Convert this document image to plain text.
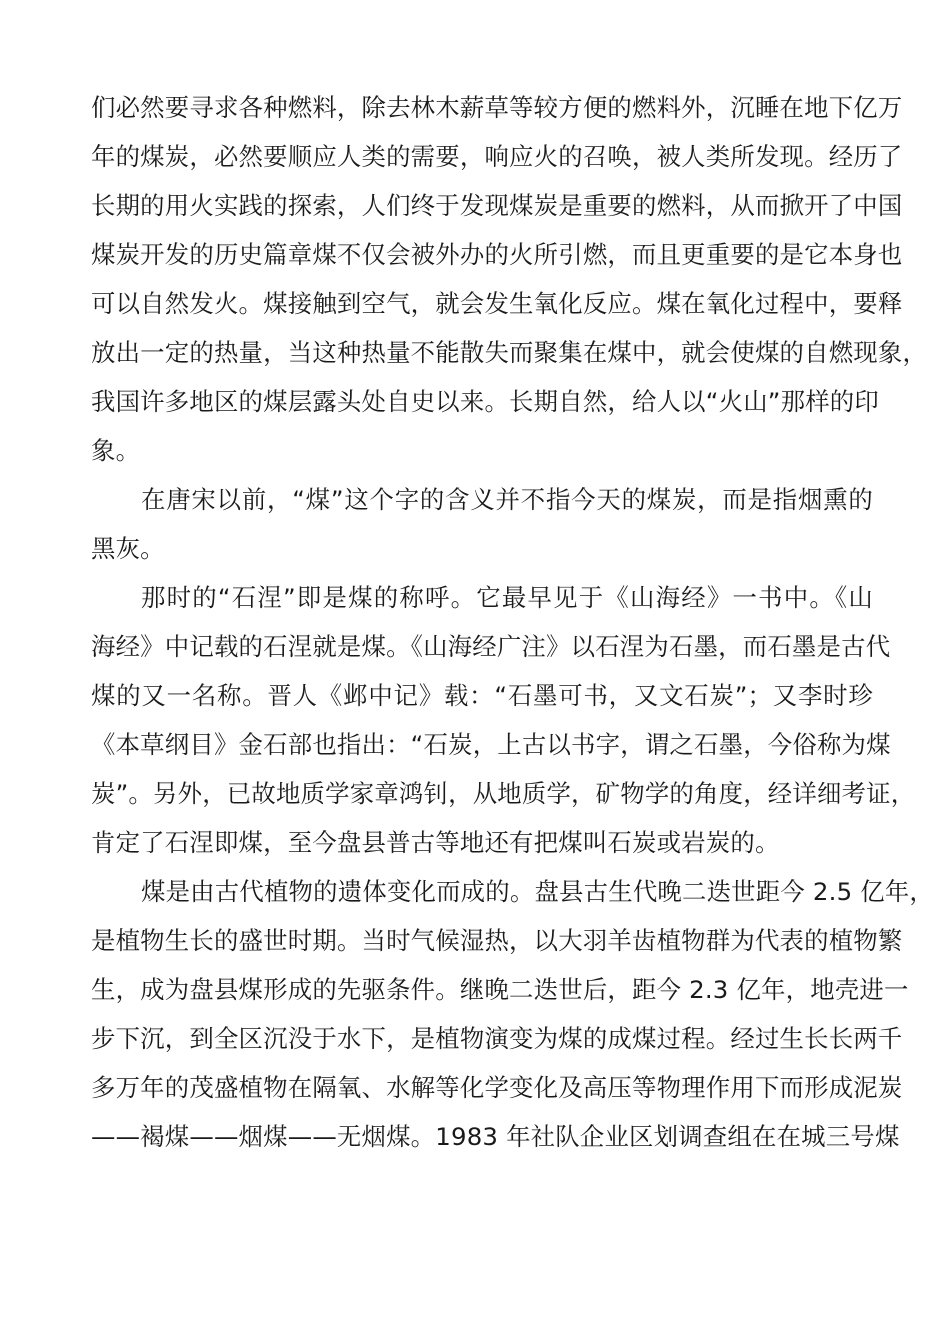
们必然要寻求各种燃料，除去林木薪草等较方便的燃料外，沉睡在地下亿万
年的煤炭，必然要顺应人类的需要，响应火的召唤，被人类所发现。经历了
长期的用火实践的探索，人们终于发现煤炭是重要的燃料，从而掀开了中国
煤炭开发的历史篇章煤不仅会被外办的火所引燃，而且更重要的是它本身也
可以自然发火。煤接触到空气，就会发生氧化反应。煤在氧化过程中，要释
放出一定的热量，当这种热量不能散失而聚集在煤中，就会使煤的自燃现象，
我国许多地区的煤层露头处自史以来。长期自然，给人以“火山”那样的印
象。
在唐宋以前，“煤”这个字的含义并不指今天的煤炭，而是指烟熏的
黑灰。
那时的“石涅”即是煤的称呼。它最早见于《山海经》一书中。《山
海经》中记载的石涅就是煤。《山海经广注》以石涅为石墨，而石墨是古代
煤的又一名称。晋人《邺中记》载：“石墨可书，又文石炭”；又李时珍
《本草纲目》金石部也指出：“石炭，上古以书字，谓之石墨，今俗称为煤
炭”。另外，已故地质学家章鸿钊，从地质学，矿物学的角度，经详细考证，
肯定了石涅即煤，至今盘县普古等地还有把煤叫石炭或岩炭的。
煤是由古代植物的遗体变化而成的。盘县古生代晚二迭世距今 2.5 亿年，
是植物生长的盛世时期。当时气候湿热，以大羽羊齿植物群为代表的植物繁
生，成为盘县煤形成的先驱条件。继晚二迭世后，距今 2.3 亿年，地壳进一
步下沉，到全区沉没于水下，是植物演变为煤的成煤过程。经过生长长两千
多万年的茂盛植物在隔氧、水解等化学变化及高压等物理作用下而形成泥炭
——褐煤——烟煤——无烟煤。1983 年社队企业区划调查组在在城三号煤
